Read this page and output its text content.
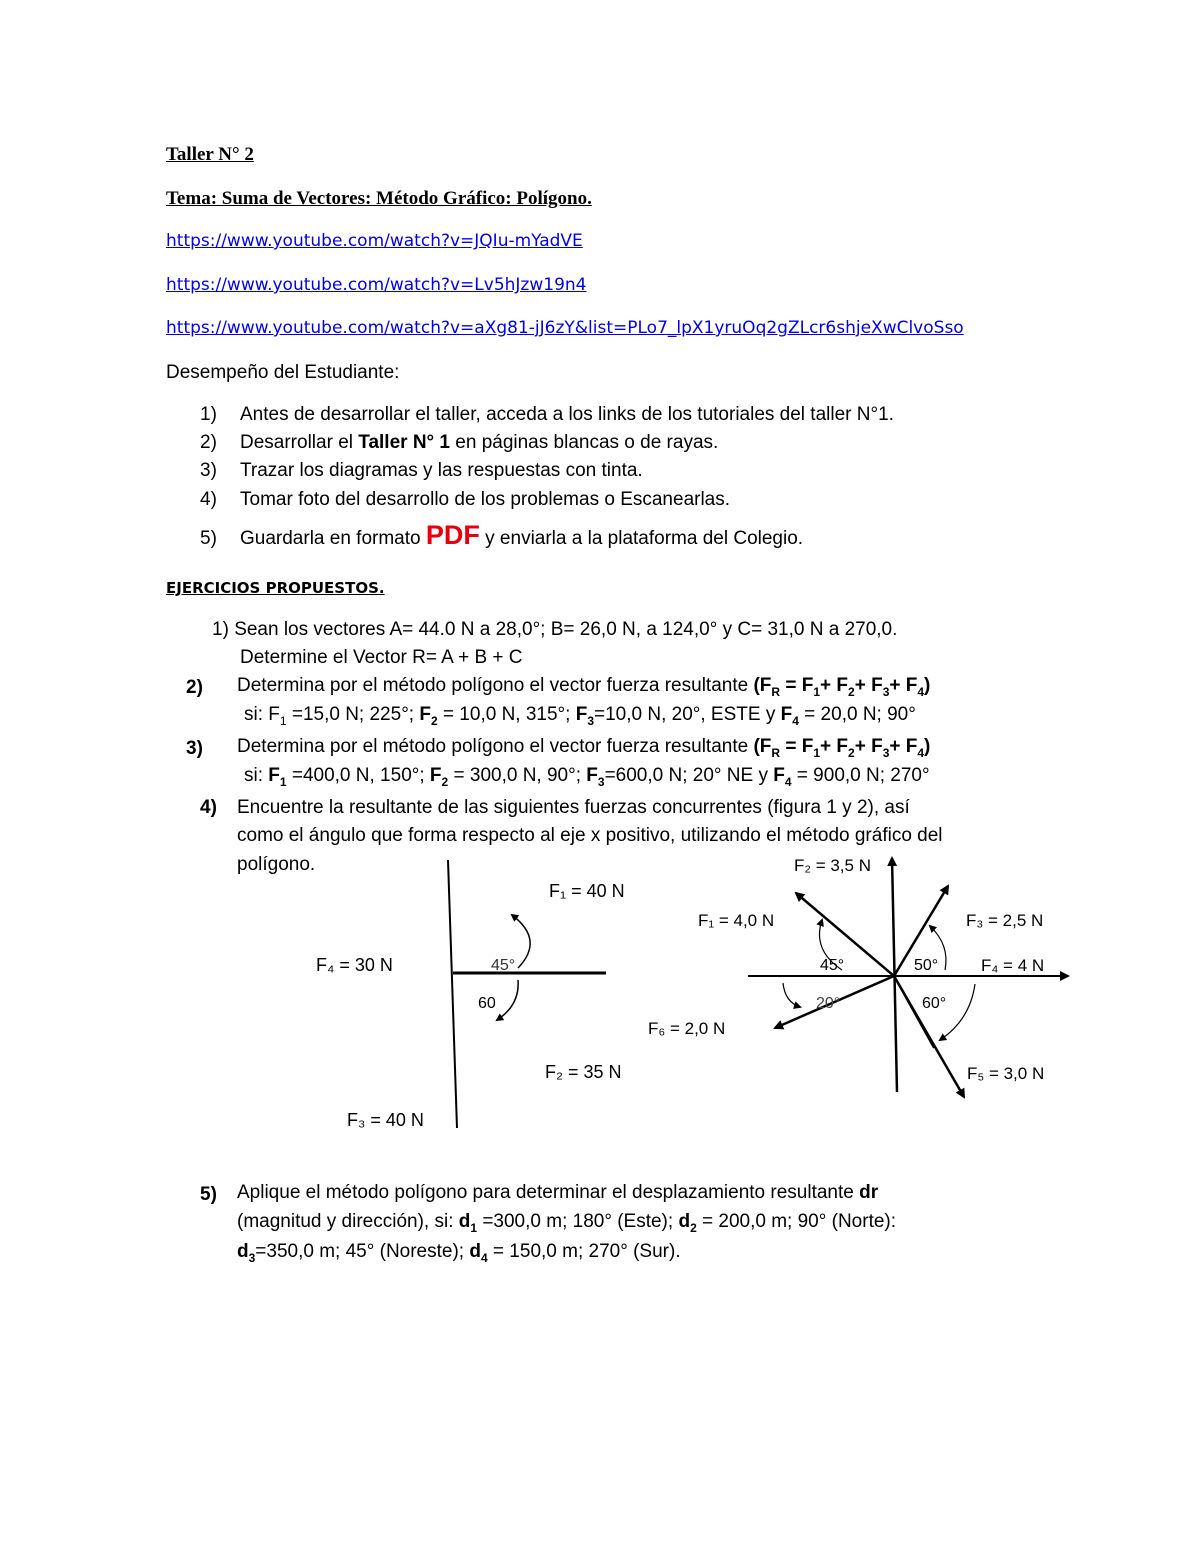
Taller N° 2
Tema: Suma de Vectores: Método Gráfico: Polígono.
https://www.youtube.com/watch?v=JQIu-mYadVE
https://www.youtube.com/watch?v=Lv5hJzw19n4
https://www.youtube.com/watch?v=aXg81-jJ6zY&list=PLo7_lpX1yruOq2gZLcr6shjeXwClvoSso
Desempeño del Estudiante:
1) Antes de desarrollar el taller, acceda a los links de los tutoriales del taller N°1.
2) Desarrollar el Taller N° 1 en páginas blancas o de rayas.
3) Trazar los diagramas y las respuestas con tinta.
4) Tomar foto del desarrollo de los problemas o Escanearlas.
5) Guardarla en formato PDF y enviarla a la plataforma del Colegio.
EJERCICIOS PROPUESTOS.
1) Sean los vectores A= 44.0 N a 28,0°; B= 26,0 N, a 124,0° y C= 31,0 N a 270,0.
Determine el Vector R= A + B + C
2) Determina por el método polígono el vector fuerza resultante $(F_R = F_1+ F_2+ F_3+ F_4)$
si: $F_1 =15,0$ N; 225°; $F_2 = 10,0$ N, 315°; $F_3=10,0$ N, 20°, ESTE y $F_4 = 20,0$ N; 90°
3) Determina por el método polígono el vector fuerza resultante $(F_R = F_1+ F_2+ F_3+ F_4)$
si: $F_1 =400,0$ N, 150°; $F_2 = 300,0$ N, 90°; $F_3=600,0$ N; 20° NE y $F_4 = 900,0$ N; 270°
4) Encuentre la resultante de las siguientes fuerzas concurrentes (figura 1 y 2), así
como el ángulo que forma respecto al eje x positivo, utilizando el método gráfico del
polígono.
F₁ = 40 N
F₄ = 30 N	45°
60
F₂ = 35 N
F₃ = 40 N
F₂ = 3,5 N
F₁ = 4,0 N	F₃ = 2,5 N
F₄ = 4 N
45°	50°
20°	60°
F₆ = 2,0 N
F₅ = 3,0 N
5) Aplique el método polígono para determinar el desplazamiento resultante dr
(magnitud y dirección), si: $d_1 =300,0$ m; 180° (Este); $d_2 = 200,0$ m; 90° (Norte):
$d_3=350,0$ m; 45° (Noreste); $d_4 = 150,0$ m; 270° (Sur).
